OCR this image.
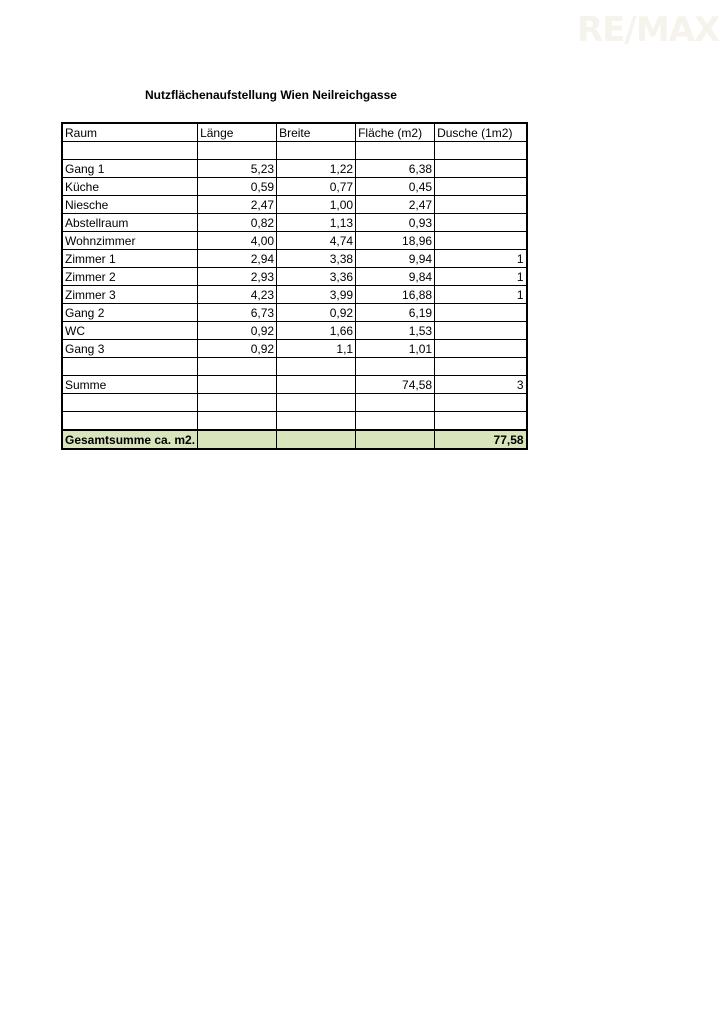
RE/MAX
Nutzflächenaufstellung Wien Neilreichgasse
Raum	Länge	Breite	Fläche (m2)	Dusche (1m2)

Gang 1	5,23	1,22	6,38	
Küche	0,59	0,77	0,45	
Niesche	2,47	1,00	2,47	
Abstellraum	0,82	1,13	0,93	
Wohnzimmer	4,00	4,74	18,96	
Zimmer 1	2,94	3,38	9,94	1
Zimmer 2	2,93	3,36	9,84	1
Zimmer 3	4,23	3,99	16,88	1
Gang 2	6,73	0,92	6,19	
WC	0,92	1,66	1,53	
Gang 3	0,92	1,1	1,01	

Summe			74,58	3

Gesamtsumme ca. m2.				77,58
